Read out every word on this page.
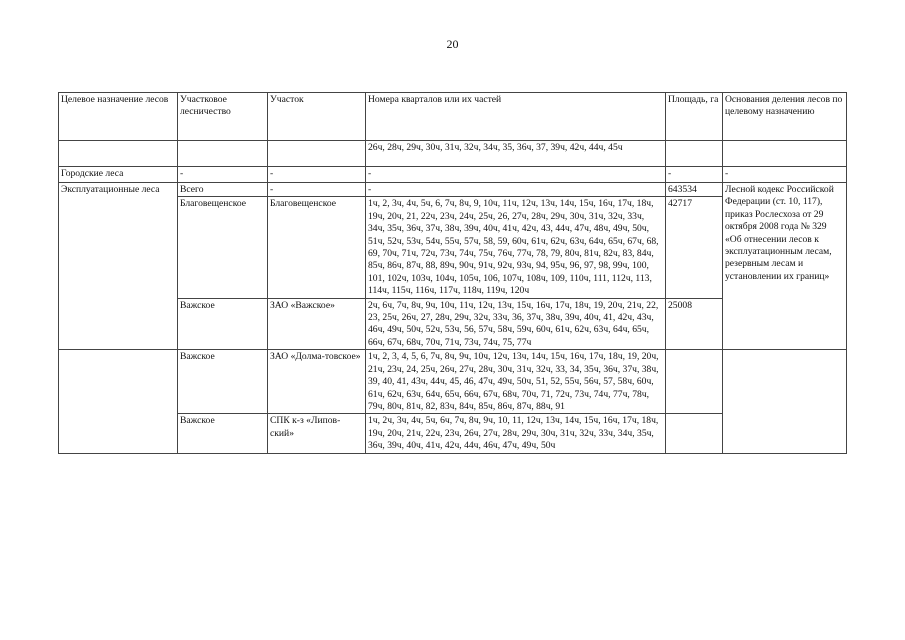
20
Целевое назначение лесов	Участковое лесничество	Участок	Номера кварталов или их частей	Площадь, га	Основания деления лесов по целевому назначению
			26ч, 28ч, 29ч, 30ч, 31ч, 32ч, 34ч, 35, 36ч, 37, 39ч, 42ч, 44ч, 45ч		
Городские леса	-	-	-	-	-
Эксплуатационные леса	Всего	-	-	643534	Лесной кодекс Российской Федерации (ст. 10, 117), приказ Рослесхоза от 29 октября 2008 года № 329 «Об отнесении лесов к эксплуатационным лесам, резервным лесам и установлении их границ»
	Благовещенское	Благовещенское	1ч, 2, 3ч, 4ч, 5ч, 6, 7ч, 8ч, 9, 10ч, 11ч, 12ч, 13ч, 14ч, 15ч, 16ч, 17ч, 18ч, 19ч, 20ч, 21, 22ч, 23ч, 24ч, 25ч, 26, 27ч, 28ч, 29ч, 30ч, 31ч, 32ч, 33ч, 34ч, 35ч, 36ч, 37ч, 38ч, 39ч, 40ч, 41ч, 42ч, 43, 44ч, 47ч, 48ч, 49ч, 50ч, 51ч, 52ч, 53ч, 54ч, 55ч, 57ч, 58, 59, 60ч, 61ч, 62ч, 63ч, 64ч, 65ч, 67ч, 68, 69, 70ч, 71ч, 72ч, 73ч, 74ч, 75ч, 76ч, 77ч, 78, 79, 80ч, 81ч, 82ч, 83, 84ч, 85ч, 86ч, 87ч, 88, 89ч, 90ч, 91ч, 92ч, 93ч, 94, 95ч, 96, 97, 98, 99ч, 100, 101, 102ч, 103ч, 104ч, 105ч, 106, 107ч, 108ч, 109, 110ч, 111, 112ч, 113, 114ч, 115ч, 116ч, 117ч, 118ч, 119ч, 120ч	42717	
	Важское	ЗАО «Важское»	2ч, 6ч, 7ч, 8ч, 9ч, 10ч, 11ч, 12ч, 13ч, 15ч, 16ч, 17ч, 18ч, 19, 20ч, 21ч, 22, 23, 25ч, 26ч, 27, 28ч, 29ч, 32ч, 33ч, 36, 37ч, 38ч, 39ч, 40ч, 41, 42ч, 43ч, 46ч, 49ч, 50ч, 52ч, 53ч, 56, 57ч, 58ч, 59ч, 60ч, 61ч, 62ч, 63ч, 64ч, 65ч, 66ч, 67ч, 68ч, 70ч, 71ч, 73ч, 74ч, 75, 77ч	25008	
	Важское	ЗАО «Долма-товское»	1ч, 2, 3, 4, 5, 6, 7ч, 8ч, 9ч, 10ч, 12ч, 13ч, 14ч, 15ч, 16ч, 17ч, 18ч, 19, 20ч, 21ч, 23ч, 24, 25ч, 26ч, 27ч, 28ч, 30ч, 31ч, 32ч, 33, 34, 35ч, 36ч, 37ч, 38ч, 39, 40, 41, 43ч, 44ч, 45, 46, 47ч, 49ч, 50ч, 51, 52, 55ч, 56ч, 57, 58ч, 60ч, 61ч, 62ч, 63ч, 64ч, 65ч, 66ч, 67ч, 68ч, 70ч, 71, 72ч, 73ч, 74ч, 77ч, 78ч, 79ч, 80ч, 81ч, 82, 83ч, 84ч, 85ч, 86ч, 87ч, 88ч, 91		
	Важское	СПК к-з «Липов-ский»	1ч, 2ч, 3ч, 4ч, 5ч, 6ч, 7ч, 8ч, 9ч, 10, 11, 12ч, 13ч, 14ч, 15ч, 16ч, 17ч, 18ч, 19ч, 20ч, 21ч, 22ч, 23ч, 26ч, 27ч, 28ч, 29ч, 30ч, 31ч, 32ч, 33ч, 34ч, 35ч, 36ч, 39ч, 40ч, 41ч, 42ч, 44ч, 46ч, 47ч, 49ч, 50ч		
